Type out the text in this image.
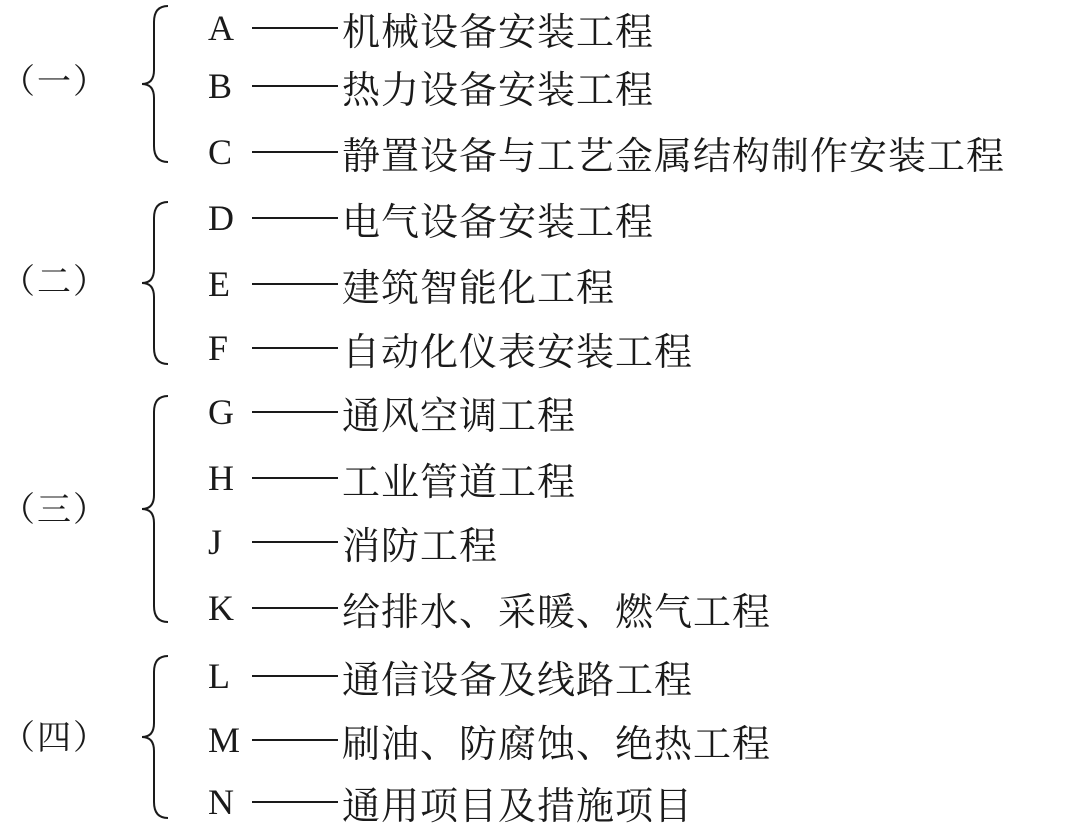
（一）
A	机械设备安装工程
B	热力设备安装工程
C	静置设备与工艺金属结构制作安装工程
（二）
D	电气设备安装工程
E	建筑智能化工程
F	自动化仪表安装工程
（三）
G	通风空调工程
H	工业管道工程
J	消防工程
K	给排水、采暖、燃气工程
（四）
L	通信设备及线路工程
M	刷油、防腐蚀、绝热工程
N	通用项目及措施项目
